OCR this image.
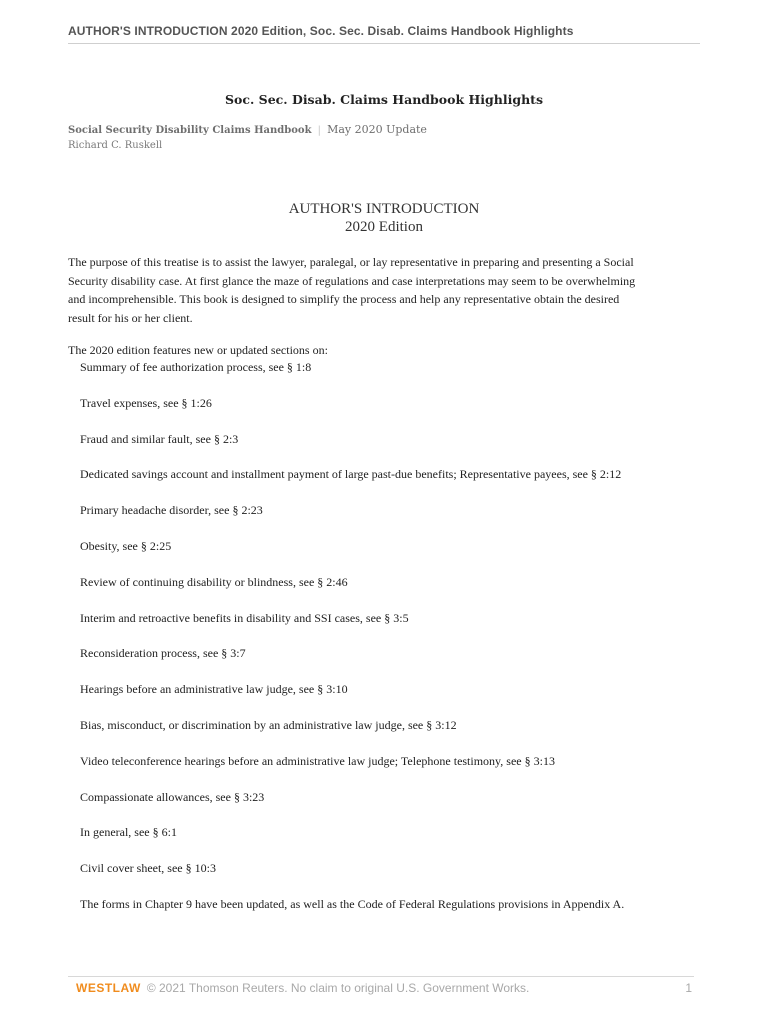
AUTHOR'S INTRODUCTION 2020 Edition, Soc. Sec. Disab. Claims Handbook Highlights
Soc. Sec. Disab. Claims Handbook Highlights
Social Security Disability Claims Handbook | May 2020 Update
Richard C. Ruskell
AUTHOR'S INTRODUCTION
2020 Edition
The purpose of this treatise is to assist the lawyer, paralegal, or lay representative in preparing and presenting a Social Security disability case. At first glance the maze of regulations and case interpretations may seem to be overwhelming and incomprehensible. This book is designed to simplify the process and help any representative obtain the desired result for his or her client.
The 2020 edition features new or updated sections on:
Summary of fee authorization process, see § 1:8
Travel expenses, see § 1:26
Fraud and similar fault, see § 2:3
Dedicated savings account and installment payment of large past-due benefits; Representative payees, see § 2:12
Primary headache disorder, see § 2:23
Obesity, see § 2:25
Review of continuing disability or blindness, see § 2:46
Interim and retroactive benefits in disability and SSI cases, see § 3:5
Reconsideration process, see § 3:7
Hearings before an administrative law judge, see § 3:10
Bias, misconduct, or discrimination by an administrative law judge, see § 3:12
Video teleconference hearings before an administrative law judge; Telephone testimony, see § 3:13
Compassionate allowances, see § 3:23
In general, see § 6:1
Civil cover sheet, see § 10:3
The forms in Chapter 9 have been updated, as well as the Code of Federal Regulations provisions in Appendix A.
WESTLAW © 2021 Thomson Reuters. No claim to original U.S. Government Works.	1
